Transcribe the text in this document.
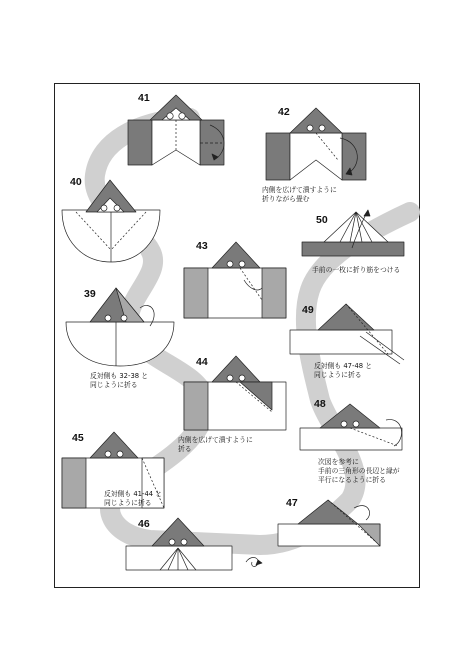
41
42
40
43
50
39
49
44
48
45
47
46
内側を広げて潰すように
折りながら畳む
手前の一枚に折り筋をつける
反対側も 32-38 と
同じように折る
反対側も 47-48 と
同じように折る
内側を広げて潰すように
折る
次図を参考に
手前の三角形の長辺と縁が
平行になるように折る
反対側も 41-44 と
同じように折る
